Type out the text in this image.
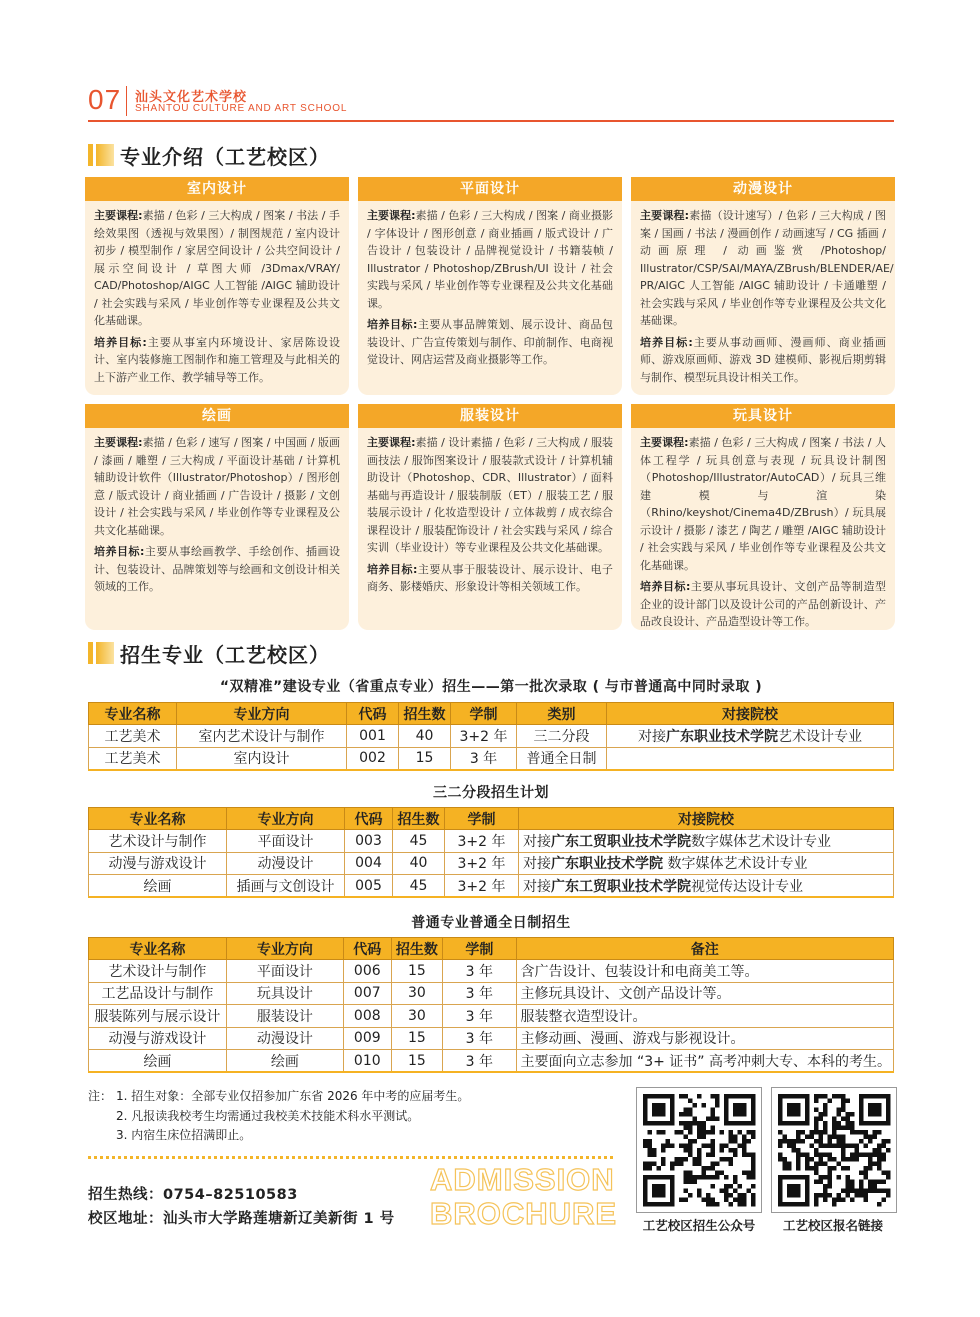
07 汕头文化艺术学校
SHANTOU CULTURE AND ART SCHOOL
专业介绍（工艺校区）
室内设计

主要课程:素描 / 色彩 / 三大构成 / 图案 / 书法 / 手绘效果图（透视与效果图）/ 制图规范 / 室内设计初步 / 模型制作 / 家居空间设计 / 公共空间设计 / 展示空间设计 / 草图大师 /3Dmax/VRAY/ CAD/Photoshop/AIGC 人工智能 /AIGC 辅助设计 / 社会实践与采风 / 毕业创作等专业课程及公共文化基础课。

培养目标:主要从事室内环境设计、家居陈设设计、室内装修施工图制作和施工管理及与此相关的上下游产业工作、教学辅导等工作。

平面设计

主要课程:素描 / 色彩 / 三大构成 / 图案 / 商业摄影 / 字体设计 / 图形创意 / 商业插画 / 版式设计 / 广告设计 / 包装设计 / 品牌视觉设计 / 书籍装帧 / Illustrator / Photoshop/ZBrush/UI 设计 / 社会实践与采风 / 毕业创作等专业课程及公共文化基础课。

培养目标:主要从事品牌策划、展示设计、商品包装设计、广告宣传策划与制作、印前制作、电商视觉设计、网店运营及商业摄影等工作。

动漫设计

主要课程:素描（设计速写）/ 色彩 / 三大构成 / 图案 / 国画 / 书法 / 漫画创作 / 动画速写 / CG 插画 / 动画原理 / 动画鉴赏 /Photoshop/ Illustrator/CSP/SAI/MAYA/ZBrush/BLENDER/AE/ PR/AIGC 人工智能 /AIGC 辅助设计 / 卡通雕塑 / 社会实践与采风 / 毕业创作等专业课程及公共文化基础课。

培养目标:主要从事动画师、漫画师、商业插画师、游戏原画师、游戏 3D 建模师、影视后期剪辑与制作、模型玩具设计相关工作。

绘画

主要课程:素描 / 色彩 / 速写 / 图案 / 中国画 / 版画 / 漆画 / 雕塑 / 三大构成 / 平面设计基础 / 计算机辅助设计软件（Illustrator/Photoshop）/ 图形创意 / 版式设计 / 商业插画 / 广告设计 / 摄影 / 文创设计 / 社会实践与采风 / 毕业创作等专业课程及公共文化基础课。

培养目标:主要从事绘画教学、手绘创作、插画设计、包装设计、品牌策划等与绘画和文创设计相关领域的工作。

服装设计

主要课程:素描 / 设计素描 / 色彩 / 三大构成 / 服装画技法 / 服饰图案设计 / 服装款式设计 / 计算机辅助设计（Photoshop、CDR、Illustrator）/ 面料基础与再造设计 / 服装制版（ET）/ 服装工艺 / 服装展示设计 / 化妆造型设计 / 立体裁剪 / 成衣综合课程设计 / 服装配饰设计 / 社会实践与采风 / 综合实训（毕业设计）等专业课程及公共文化基础课。

培养目标:主要从事于服装设计、展示设计、电子商务、影楼婚庆、形象设计等相关领域工作。

玩具设计

主要课程:素描 / 色彩 / 三大构成 / 图案 / 书法 / 人体工程学 / 玩具创意与表现 / 玩具设计制图（Photoshop/Illustrator/AutoCAD）/ 玩具三维建模与渲染（Rhino/keyshot/Cinema4D/ZBrush）/ 玩具展示设计 / 摄影 / 漆艺 / 陶艺 / 雕塑 /AIGC 辅助设计 / 社会实践与采风 / 毕业创作等专业课程及公共文化基础课。

培养目标:主要从事玩具设计、文创产品等制造型企业的设计部门以及设计公司的产品创新设计、产品改良设计、产品造型设计等工作。

招生专业（工艺校区）
“双精准”建设专业（省重点专业）招生——第一批次录取 ( 与市普通高中同时录取 )
专业名称	专业方向	代码	招生数	学制	类别	对接院校
工艺美术	室内艺术设计与制作	001	40	3+2 年	三二分段	对接广东职业技术学院艺术设计专业
工艺美术	室内设计	002	15	3 年	普通全日制	
三二分段招生计划
专业名称	专业方向	代码	招生数	学制	对接院校
艺术设计与制作	平面设计	003	45	3+2 年	对接广东工贸职业技术学院数字媒体艺术设计专业
动漫与游戏设计	动漫设计	004	40	3+2 年	对接广东职业技术学院 数字媒体艺术设计专业
绘画	插画与文创设计	005	45	3+2 年	对接广东工贸职业技术学院视觉传达设计专业
普通专业普通全日制招生
专业名称	专业方向	代码	招生数	学制	备注
艺术设计与制作	平面设计	006	15	3 年	含广告设计、包装设计和电商美工等。
工艺品设计与制作	玩具设计	007	30	3 年	主修玩具设计、文创产品设计等。
服装陈列与展示设计	服装设计	008	30	3 年	服装整衣造型设计。
动漫与游戏设计	动漫设计	009	15	3 年	主修动画、漫画、游戏与影视设计。
绘画	绘画	010	15	3 年	主要面向立志参加 “3+ 证书” 高考冲刺大专、本科的考生。
注： 1. 招生对象：全部专业仅招参加广东省 2026 年中考的应届考生。
2. 凡报读我校考生均需通过我校美术技能术科水平测试。
3. 内宿生床位招满即止。
招生热线：0754–82510583
校区地址：汕头市大学路莲塘新辽美新街 1 号
ADMISSION
BROCHURE	工艺校区招生公众号	工艺校区报名链接
